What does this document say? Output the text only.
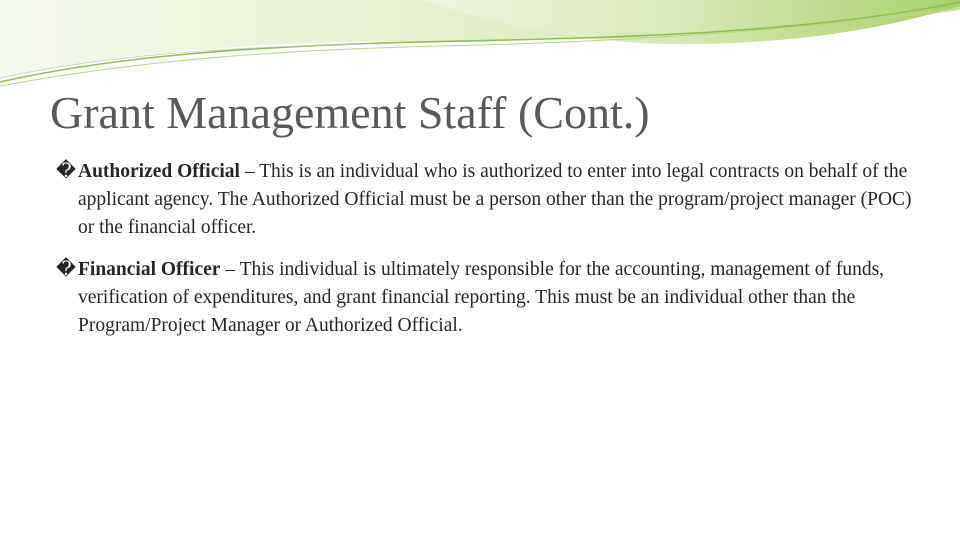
Grant Management Staff (Cont.)
� Authorized Official – This is an individual who is authorized to enter into legal contracts on behalf of the applicant agency. The Authorized Official must be a person other than the program/project manager (POC) or the financial officer.
� Financial Officer – This individual is ultimately responsible for the accounting, management of funds, verification of expenditures, and grant financial reporting. This must be an individual other than the Program/Project Manager or Authorized Official.
